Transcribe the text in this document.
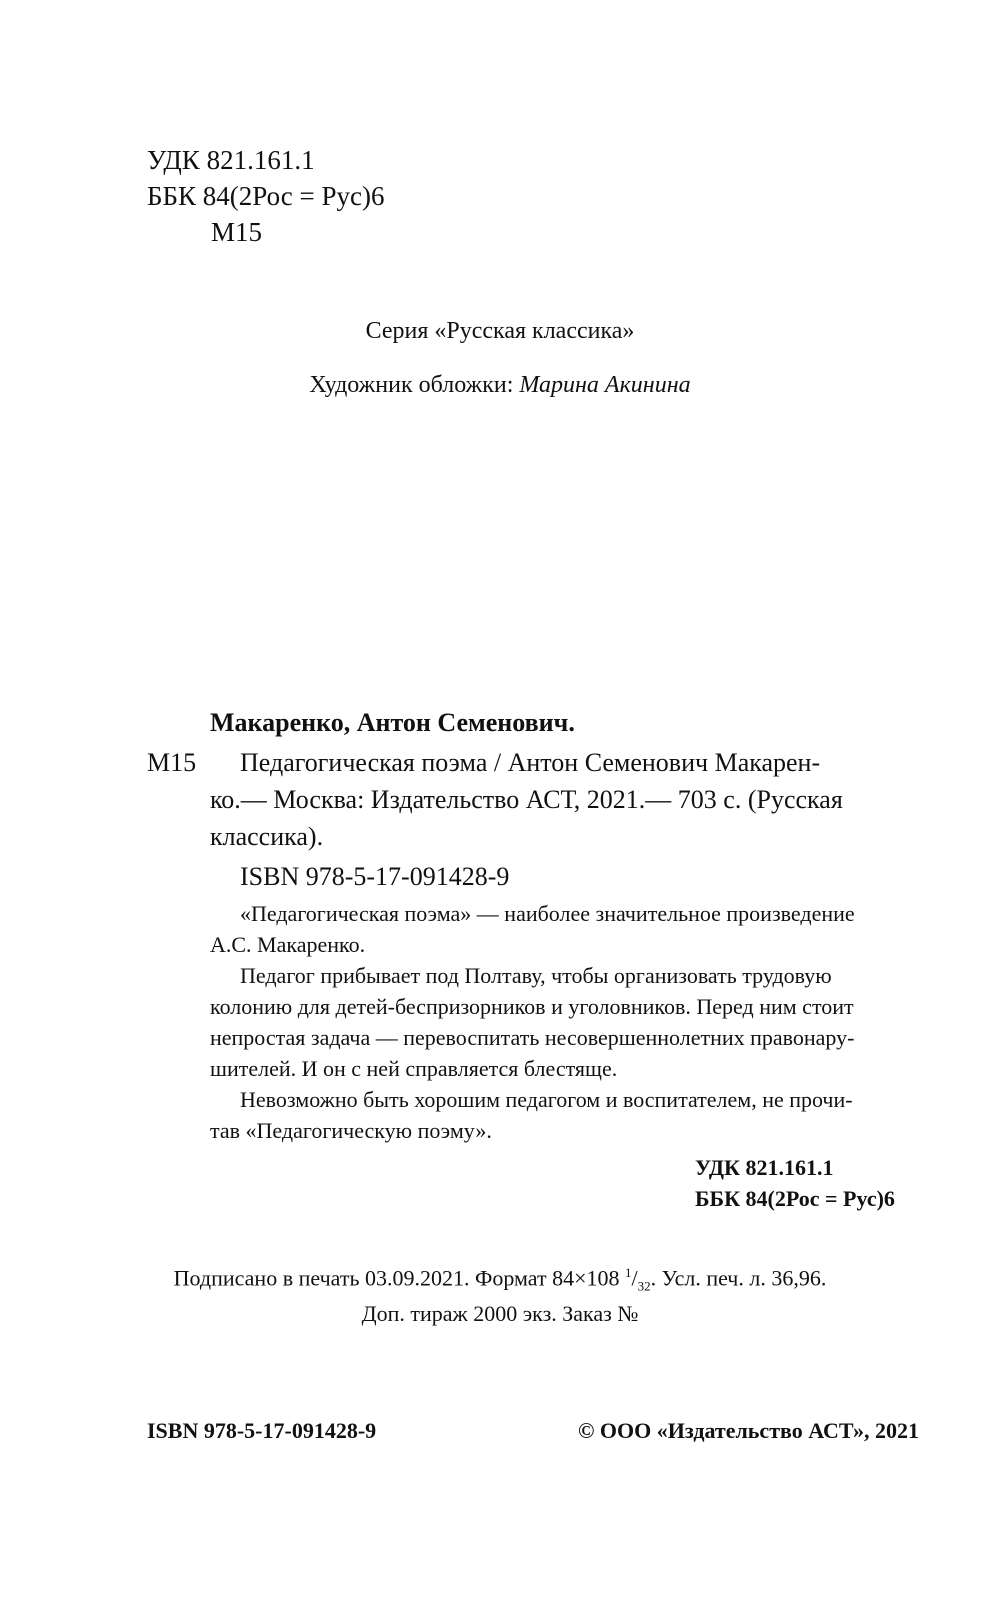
УДК 821.161.1
ББК 84(2Рос = Рус)6
М15
Серия «Русская классика»
Художник обложки: Марина Акинина
Макаренко, Антон Семенович.
М15 Педагогическая поэма / Антон Семенович Макарен-
ко.— Москва: Издательство АСТ, 2021.— 703 с. (Русская
классика).
ISBN 978-5-17-091428-9
«Педагогическая поэма» — наиболее значительное произведение
А.С. Макаренко.
Педагог прибывает под Полтаву, чтобы организовать трудовую
колонию для детей-беспризорников и уголовников. Перед ним стоит
непростая задача — перевоспитать несовершеннолетних правонару-
шителей. И он с ней справляется блестяще.
Невозможно быть хорошим педагогом и воспитателем, не прочи-
тав «Педагогическую поэму».
УДК 821.161.1
ББК 84(2Рос = Рус)6
Подписано в печать 03.09.2021. Формат 84×108 $^1/_{32}$. Усл. печ. л. 36,96.
Доп. тираж 2000 экз. Заказ №
ISBN 978-5-17-091428-9	© ООО «Издательство АСТ», 2021
